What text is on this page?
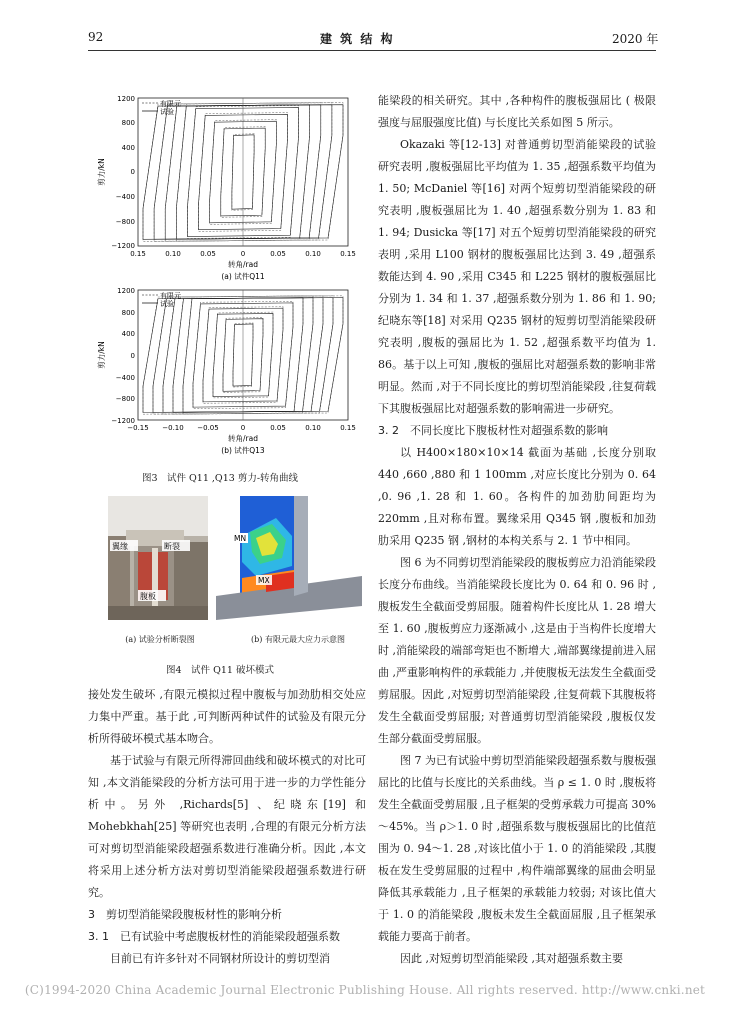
92	建 筑 结 构	2020 年
有限元
试验
1200
800
400
0
−400
−800
−1200
剪力/kN
0.15	0.10	0.05	0	0.05	0.10	0.15
转角/rad
(a) 试件Q11
有限元
试验
1200
800
400
0
−400
−800
−1200
剪力/kN
−0.15 −0.10 −0.05	0	0.05	0.10	0.15
转角/rad
(b) 试件Q13
图3　试件 Q11 ,Q13 剪力-转角曲线
翼缘	断裂
腹板
(a) 试验分析断裂图
MN
MX
(b) 有限元最大应力示意图
图4　试件 Q11 破坏模式

接处发生破坏 ,有限元模拟过程中腹板与加劲肋相交处应力集中严重。基于此 ,可判断两种试件的试验及有限元分析所得破坏模式基本吻合。

基于试验与有限元所得滞回曲线和破坏模式的对比可知 ,本文消能梁段的分析方法可用于进一步的力学性能分析中。另外 ,Richards[5] 、纪晓东[19] 和 Mohebkhah[25] 等研究也表明 ,合理的有限元分析方法可对剪切型消能梁段超强系数进行准确分析。因此 ,本文将采用上述分析方法对剪切型消能梁段超强系数进行研究。

3　剪切型消能梁段腹板材性的影响分析

3. 1　已有试验中考虑腹板材性的消能梁段超强系数

目前已有许多针对不同钢材所设计的剪切型消

能梁段的相关研究。其中 ,各种构件的腹板强屈比 ( 极限强度与屈服强度比值) 与长度比关系如图 5 所示。

Okazaki 等[12-13] 对普通剪切型消能梁段的试验研究表明 ,腹板强屈比平均值为 1. 35 ,超强系数平均值为 1. 50; McDaniel 等[16] 对两个短剪切型消能梁段的研究表明 ,腹板强屈比为 1. 40 ,超强系数分别为 1. 83 和 1. 94; Dusicka 等[17] 对五个短剪切型消能梁段的研究表明 ,采用 L100 钢材的腹板强屈比达到 3. 49 ,超强系数能达到 4. 90 ,采用 C345 和 L225 钢材的腹板强屈比分别为 1. 34 和 1. 37 ,超强系数分别为 1. 86 和 1. 90; 纪晓东等[18] 对采用 Q235 钢材的短剪切型消能梁段研究表明 ,腹板的强屈比为 1. 52 ,超强系数平均值为 1. 86。基于以上可知 ,腹板的强屈比对超强系数的影响非常明显。然而 ,对于不同长度比的剪切型消能梁段 ,往复荷载下其腹板强屈比对超强系数的影响需进一步研究。

3. 2　不同长度比下腹板材性对超强系数的影响

以 H400×180×10×14 截面为基础 ,长度分别取 440 ,660 ,880 和 1 100mm ,对应长度比分别为 0. 64 ,0. 96 ,1. 28 和 1. 60。各构件的加劲肋间距均为 220mm ,且对称布置。翼缘采用 Q345 钢 ,腹板和加劲肋采用 Q235 钢 ,钢材的本构关系与 2. 1 节中相同。

图 6 为不同剪切型消能梁段的腹板剪应力沿消能梁段长度分布曲线。当消能梁段长度比为 0. 64 和 0. 96 时 ,腹板发生全截面受剪屈服。随着构件长度比从 1. 28 增大至 1. 60 ,腹板剪应力逐渐减小 ,这是由于当构件长度增大时 ,消能梁段的端部弯矩也不断增大 ,端部翼缘提前进入屈曲 ,严重影响构件的承载能力 ,并使腹板无法发生全截面受剪屈服。因此 ,对短剪切型消能梁段 ,往复荷载下其腹板将发生全截面受剪屈服; 对普通剪切型消能梁段 ,腹板仅发生部分截面受剪屈服。

图 7 为已有试验中剪切型消能梁段超强系数与腹板强屈比的比值与长度比的关系曲线。当 ρ ≤ 1. 0 时 ,腹板将发生全截面受剪屈服 ,且子框架的受剪承载力可提高 30%～45%。当 ρ＞1. 0 时 ,超强系数与腹板强屈比的比值范围为 0. 94～1. 28 ,对该比值小于 1. 0 的消能梁段 ,其腹板在发生受剪屈服的过程中 ,构件端部翼缘的屈曲会明显降低其承载能力 ,且子框架的承载能力较弱; 对该比值大于 1. 0 的消能梁段 ,腹板未发生全截面屈服 ,且子框架承载能力要高于前者。

因此 ,对短剪切型消能梁段 ,其对超强系数主要

(C)1994-2020 China Academic Journal Electronic Publishing House. All rights reserved. http://www.cnki.net
